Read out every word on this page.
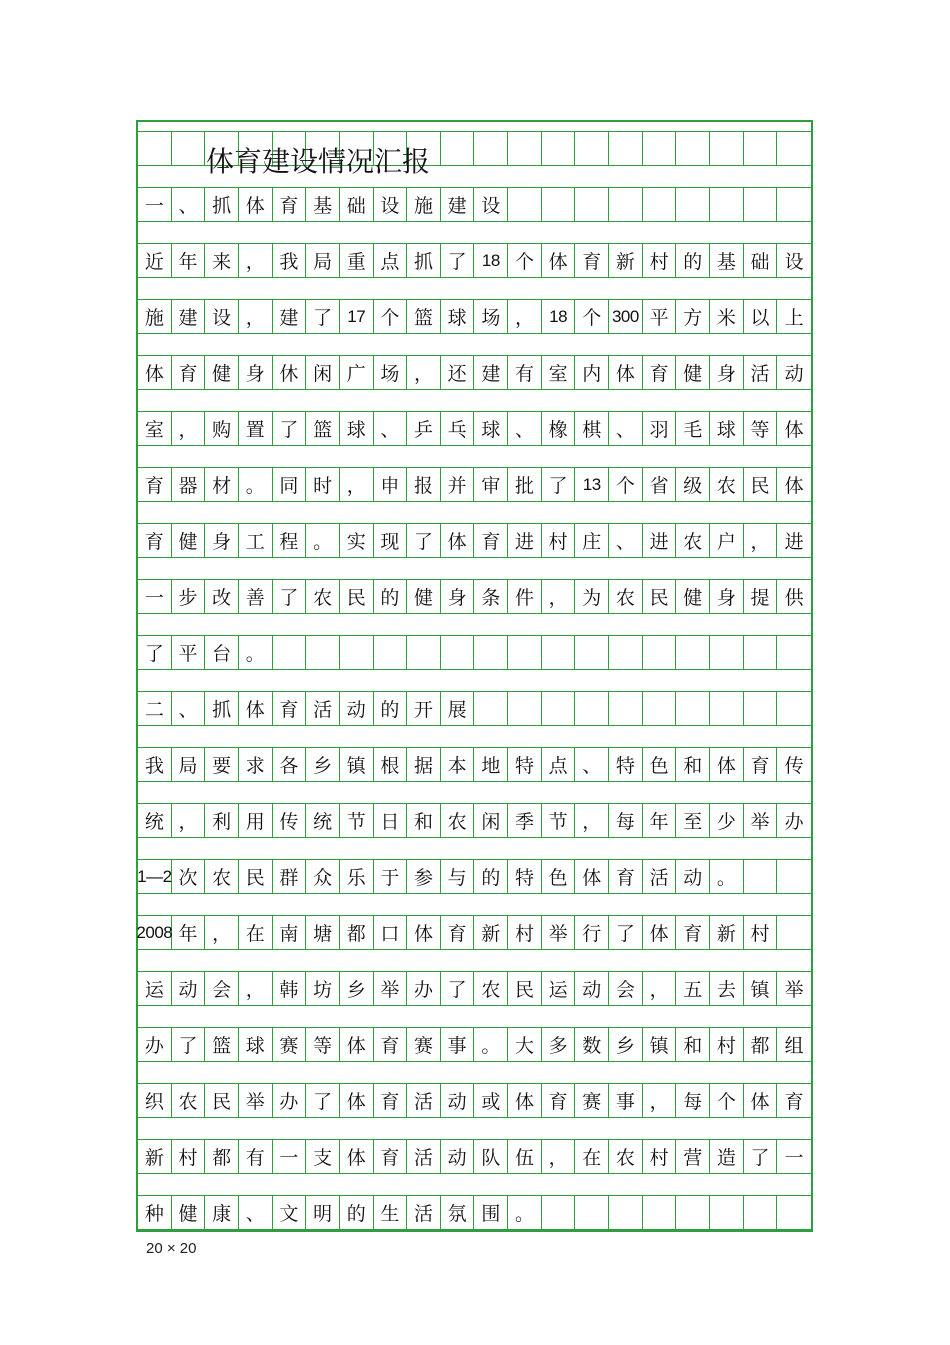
体育建设情况汇报
一 、 抓 体 育 基 础 设 施 建 设
近 年 来 ， 我 局 重 点 抓 了 18 个 体 育 新 村 的 基 础 设
施 建 设 ， 建 了 17 个 篮 球 场 ， 18 个 300 平 方 米 以 上
体 育 健 身 休 闲 广 场 ， 还 建 有 室 内 体 育 健 身 活 动
室 ， 购 置 了 篮 球 、 乒 乓 球 、 橡 棋 、 羽 毛 球 等 体
育 器 材 。 同 时 ， 申 报 并 审 批 了 13 个 省 级 农 民 体
育 健 身 工 程 。 实 现 了 体 育 进 村 庄 、 进 农 户 ， 进
一 步 改 善 了 农 民 的 健 身 条 件 ， 为 农 民 健 身 提 供
了 平 台 。
二 、 抓 体 育 活 动 的 开 展
我 局 要 求 各 乡 镇 根 据 本 地 特 点 、 特 色 和 体 育 传
统 ， 利 用 传 统 节 日 和 农 闲 季 节 ， 每 年 至 少 举 办
1—2 次 农 民 群 众 乐 于 参 与 的 特 色 体 育 活 动 。
2008 年 ， 在 南 塘 都 口 体 育 新 村 举 行 了 体 育 新 村
运 动 会 ， 韩 坊 乡 举 办 了 农 民 运 动 会 ， 五 去 镇 举
办 了 篮 球 赛 等 体 育 赛 事 。 大 多 数 乡 镇 和 村 都 组
织 农 民 举 办 了 体 育 活 动 或 体 育 赛 事 ， 每 个 体 育
新 村 都 有 一 支 体 育 活 动 队 伍 ， 在 农 村 营 造 了 一
种 健 康 、 文 明 的 生 活 氛 围 。
20 × 20
